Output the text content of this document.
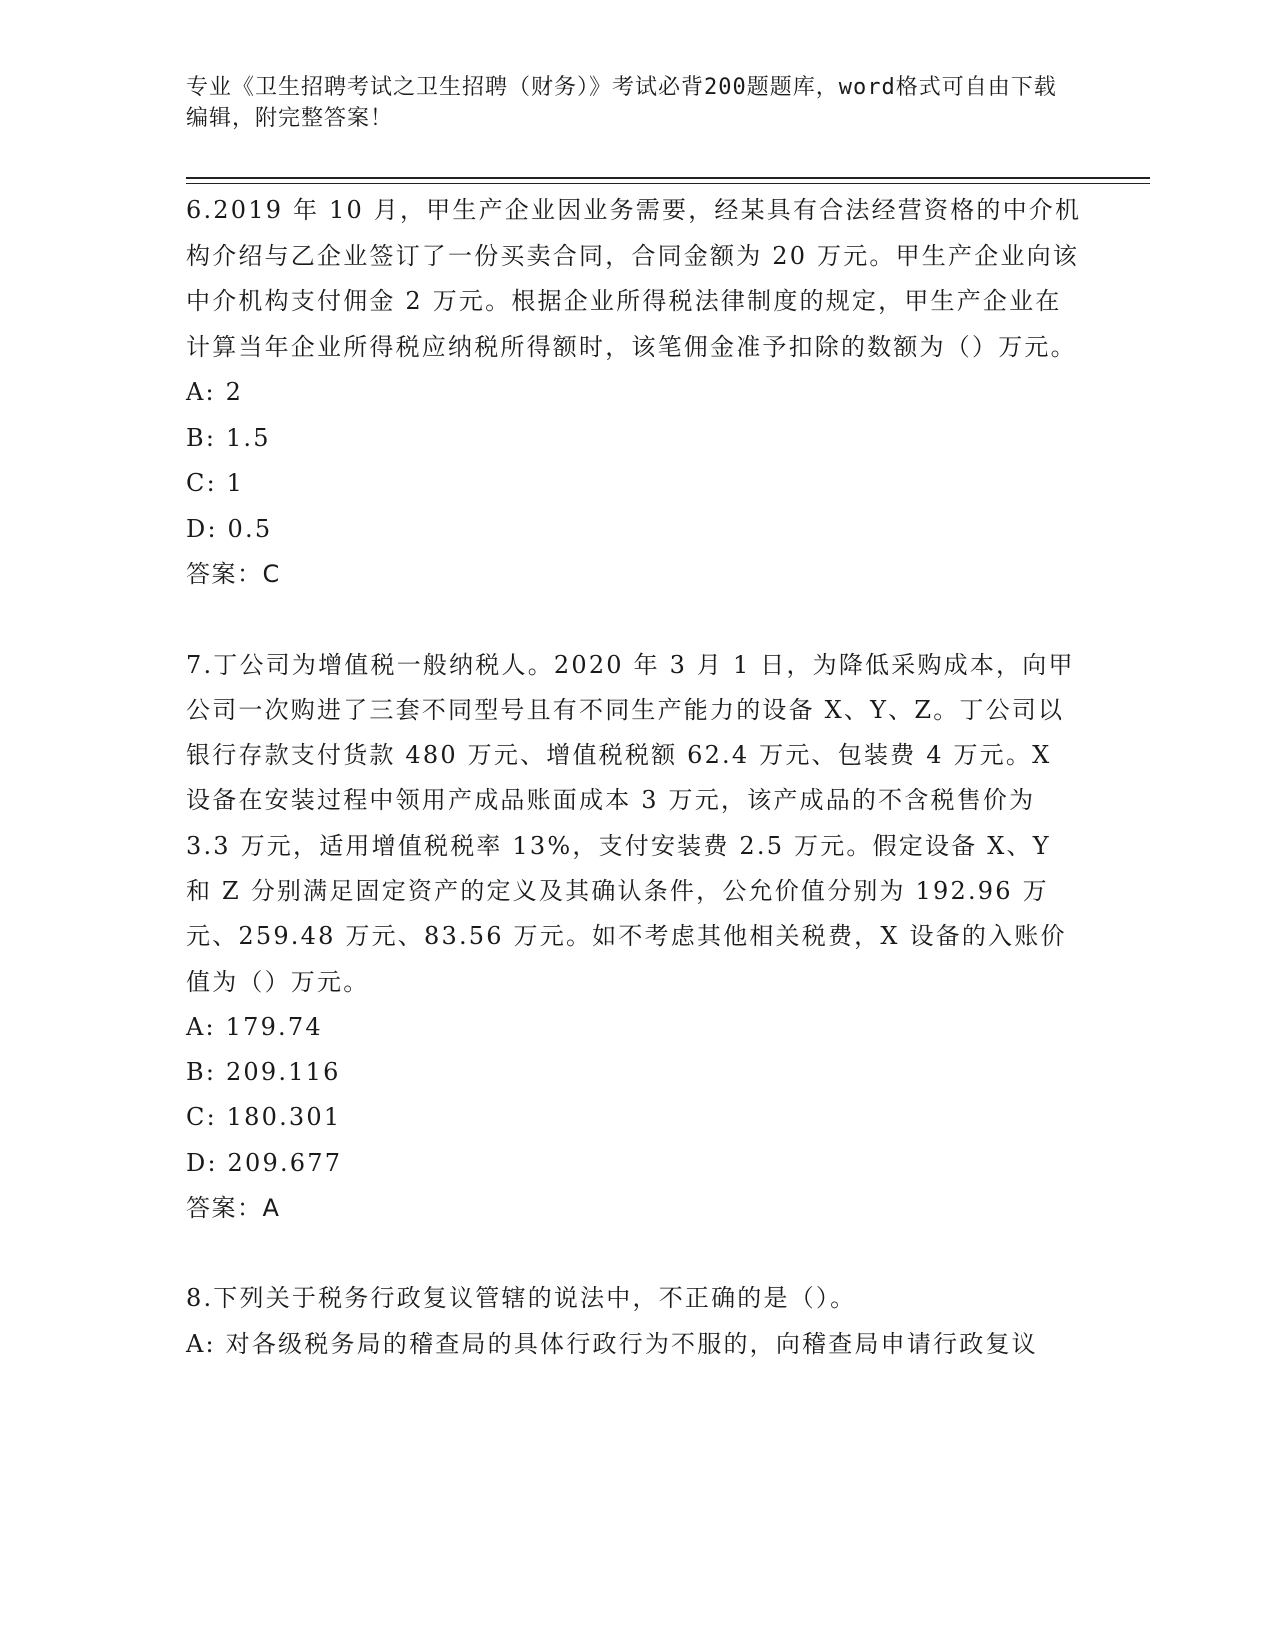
专业《卫生招聘考试之卫生招聘（财务）》考试必背200题题库，word格式可自由下载编辑，附完整答案！

6.2019 年 10 月，甲生产企业因业务需要，经某具有合法经营资格的中介机构介绍与乙企业签订了一份买卖合同，合同金额为 20 万元。甲生产企业向该中介机构支付佣金 2 万元。根据企业所得税法律制度的规定，甲生产企业在计算当年企业所得税应纳税所得额时，该笔佣金准予扣除的数额为（）万元。

A: 2

B: 1.5

C: 1

D: 0.5

答案：C

7.丁公司为增值税一般纳税人。2020 年 3 月 1 日，为降低采购成本，向甲公司一次购进了三套不同型号且有不同生产能力的设备 X、Y、Z。丁公司以银行存款支付货款 480 万元、增值税税额 62.4 万元、包装费 4 万元。X 设备在安装过程中领用产成品账面成本 3 万元，该产成品的不含税售价为 3.3 万元，适用增值税税率 13%，支付安装费 2.5 万元。假定设备 X、Y 和 Z 分别满足固定资产的定义及其确认条件，公允价值分别为 192.96 万元、259.48 万元、83.56 万元。如不考虑其他相关税费，X 设备的入账价值为（）万元。

A: 179.74

B: 209.116

C: 180.301

D: 209.677

答案：A

8.下列关于税务行政复议管辖的说法中，不正确的是（）。

A: 对各级税务局的稽查局的具体行政行为不服的，向稽查局申请行政复议
